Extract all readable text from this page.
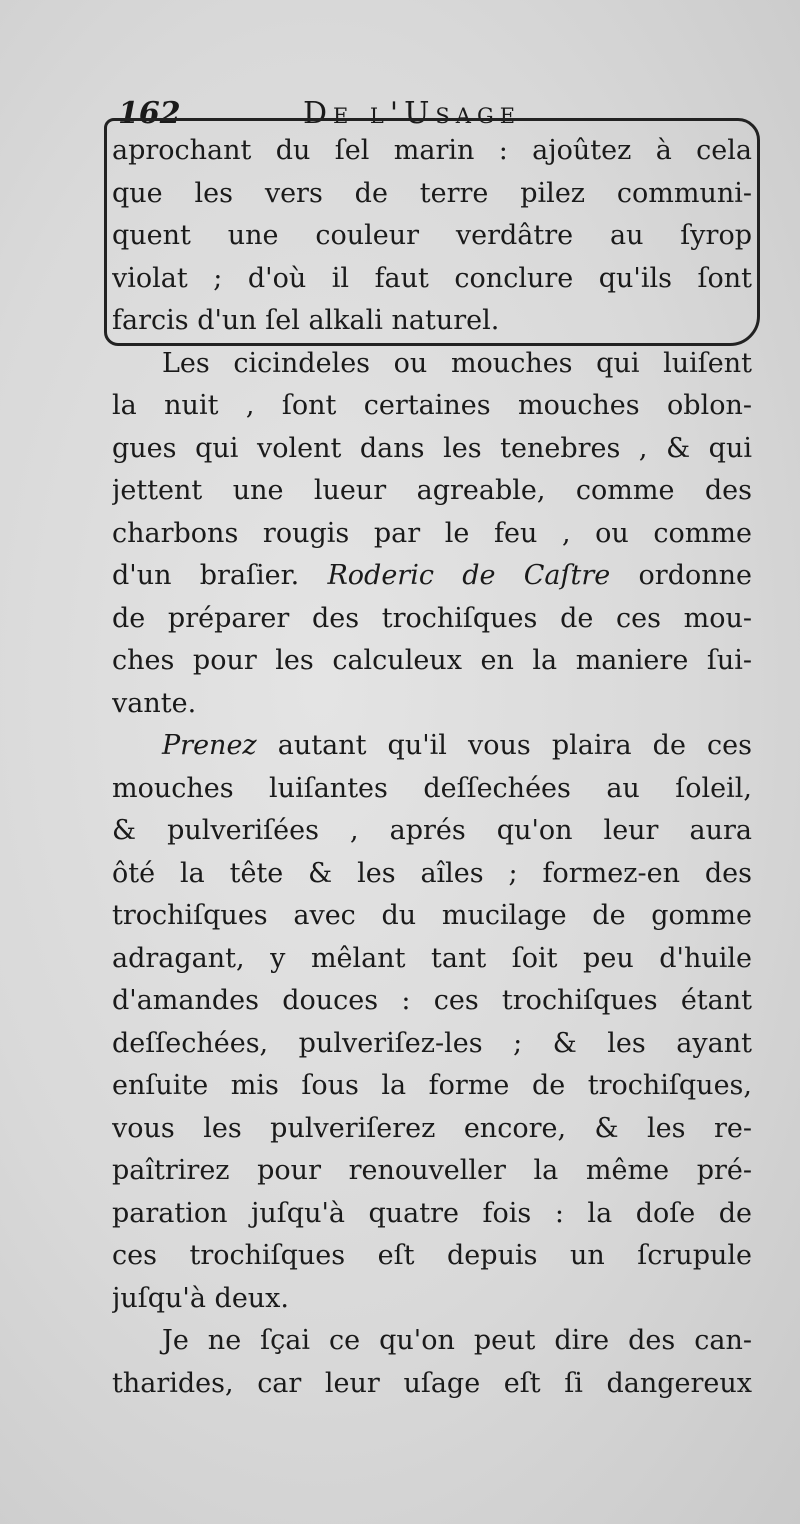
162	De l'Usage
aprochant du ſel marin : ajoûtez à cela
que les vers de terre pilez communi-
quent une couleur verdâtre au ſyrop
violat ; d'où il faut conclure qu'ils ſont
farcis d'un ſel alkali naturel.
Les cicindeles ou mouches qui luiſent
la nuit , ſont certaines mouches oblon-
gues qui volent dans les tenebres , & qui
jettent une lueur agreable, comme des
charbons rougis par le feu , ou comme
d'un braſier. Roderic de Caſtre ordonne
de préparer des trochiſques de ces mou-
ches pour les calculeux en la maniere ſui-
vante.
Prenez autant qu'il vous plaira de ces
mouches luiſantes deſſechées au ſoleil,
& pulveriſées , aprés qu'on leur aura
ôté la tête & les aîles ; formez-en des
trochiſques avec du mucilage de gomme
adragant, y mêlant tant ſoit peu d'huile
d'amandes douces : ces trochiſques étant
deſſechées, pulveriſez-les ; & les ayant
enſuite mis ſous la forme de trochiſques,
vous les pulveriſerez encore, & les re-
paîtrirez pour renouveller la même pré-
paration juſqu'à quatre fois : la doſe de
ces trochiſques eſt depuis un ſcrupule
juſqu'à deux.
Je ne ſçai ce qu'on peut dire des can-
tharides, car leur uſage eſt ſi dangereux
